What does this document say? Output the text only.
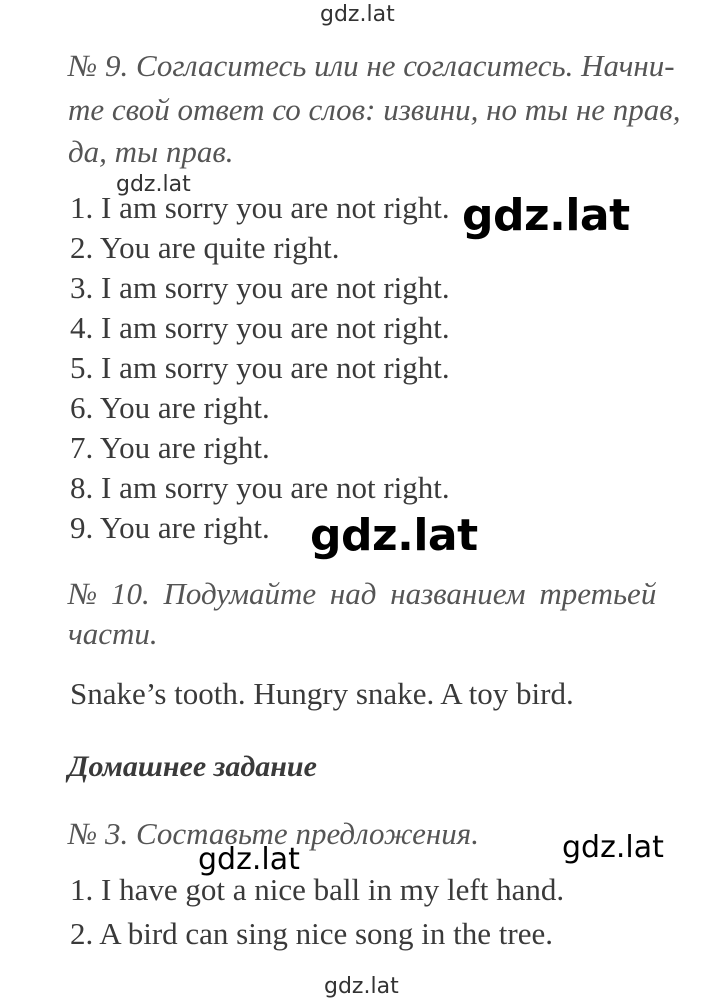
gdz.lat
№ 9. Согласитесь или не согласитесь. Начни-
те свой ответ со слов: извини, но ты не прав,
да, ты прав.
1. I am sorry you are not right.
2. You are quite right.
3. I am sorry you are not right.
4. I am sorry you are not right.
5. I am sorry you are not right.
6. You are right.
7. You are right.
8. I am sorry you are not right.
9. You are right.
gdz.lat
gdz.lat
gdz.lat
№ 10. Подумайте над названием третьей
части.
Snake’s tooth. Hungry snake. A toy bird.
Домашнее задание
№ 3. Составьте предложения.
gdz.lat	gdz.lat
1. I have got a nice ball in my left hand.
2. A bird can sing nice song in the tree.
gdz.lat
